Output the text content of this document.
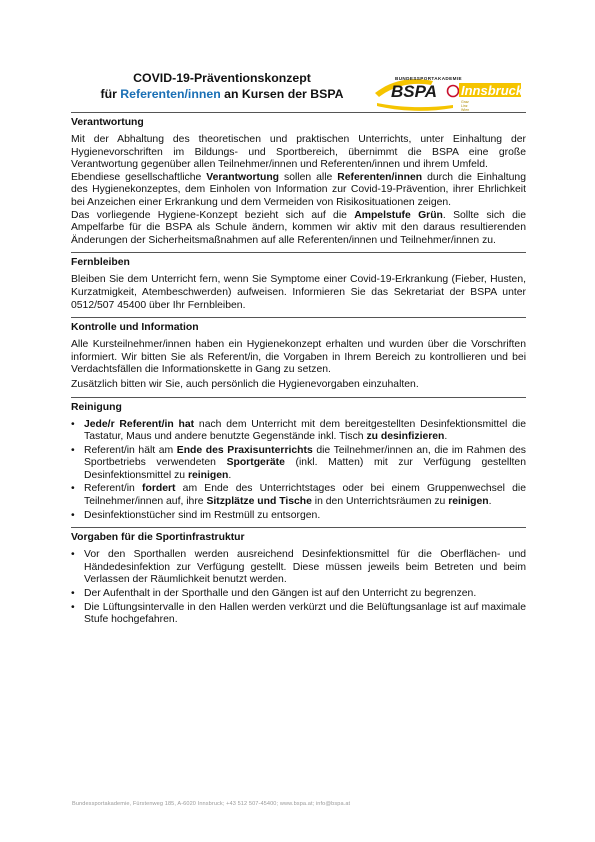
COVID-19-Präventionskonzept
für Referenten/innen an Kursen der BSPA
BUNDESSPORTAKADEMIE
BSPA Innsbruck
Graz
Linz
Wien
Verantwortung
Mit der Abhaltung des theoretischen und praktischen Unterrichts, unter Einhaltung der Hygienevorschriften im Bildungs- und Sportbereich, übernimmt die BSPA eine große Verantwortung gegenüber allen Teilnehmer/innen und Referenten/innen und ihrem Umfeld.
Ebendiese gesellschaftliche Verantwortung sollen alle Referenten/innen durch die Einhaltung des Hygienekonzeptes, dem Einholen von Information zur Covid-19-Prävention, ihrer Ehrlichkeit bei Anzeichen einer Erkrankung und dem Vermeiden von Risikosituationen zeigen.
Das vorliegende Hygiene-Konzept bezieht sich auf die Ampelstufe Grün. Sollte sich die Ampelfarbe für die BSPA als Schule ändern, kommen wir aktiv mit den daraus resultierenden Änderungen der Sicherheitsmaßnahmen auf alle Referenten/innen und Teilnehmer/innen zu.
Fernbleiben
Bleiben Sie dem Unterricht fern, wenn Sie Symptome einer Covid-19-Erkrankung (Fieber, Husten, Kurzatmigkeit, Atembeschwerden) aufweisen. Informieren Sie das Sekretariat der BSPA unter 0512/507 45400 über Ihr Fernbleiben.
Kontrolle und Information
Alle Kursteilnehmer/innen haben ein Hygienekonzept erhalten und wurden über die Vorschriften informiert. Wir bitten Sie als Referent/in, die Vorgaben in Ihrem Bereich zu kontrollieren und bei Verdachtsfällen die Informationskette in Gang zu setzen.
Zusätzlich bitten wir Sie, auch persönlich die Hygienevorgaben einzuhalten.
Reinigung
• Jede/r Referent/in hat nach dem Unterricht mit dem bereitgestellten Desinfektionsmittel die Tastatur, Maus und andere benutzte Gegenstände inkl. Tisch zu desinfizieren.
• Referent/in hält am Ende des Praxisunterrichts die Teilnehmer/innen an, die im Rahmen des Sportbetriebs verwendeten Sportgeräte (inkl. Matten) mit zur Verfügung gestellten Desinfektionsmittel zu reinigen.
• Referent/in fordert am Ende des Unterrichtstages oder bei einem Gruppenwechsel die Teilnehmer/innen auf, ihre Sitzplätze und Tische in den Unterrichtsräumen zu reinigen.
• Desinfektionstücher sind im Restmüll zu entsorgen.
Vorgaben für die Sportinfrastruktur
• Vor den Sporthallen werden ausreichend Desinfektionsmittel für die Oberflächen- und Händedesinfektion zur Verfügung gestellt. Diese müssen jeweils beim Betreten und beim Verlassen der Räumlichkeit benutzt werden.
• Der Aufenthalt in der Sporthalle und den Gängen ist auf den Unterricht zu begrenzen.
• Die Lüftungsintervalle in den Hallen werden verkürzt und die Belüftungsanlage ist auf maximale Stufe hochgefahren.
Bundessportakademie, Fürstenweg 185, A-6020 Innsbruck; +43 512 507-45400; www.bspa.at; info@bspa.at
